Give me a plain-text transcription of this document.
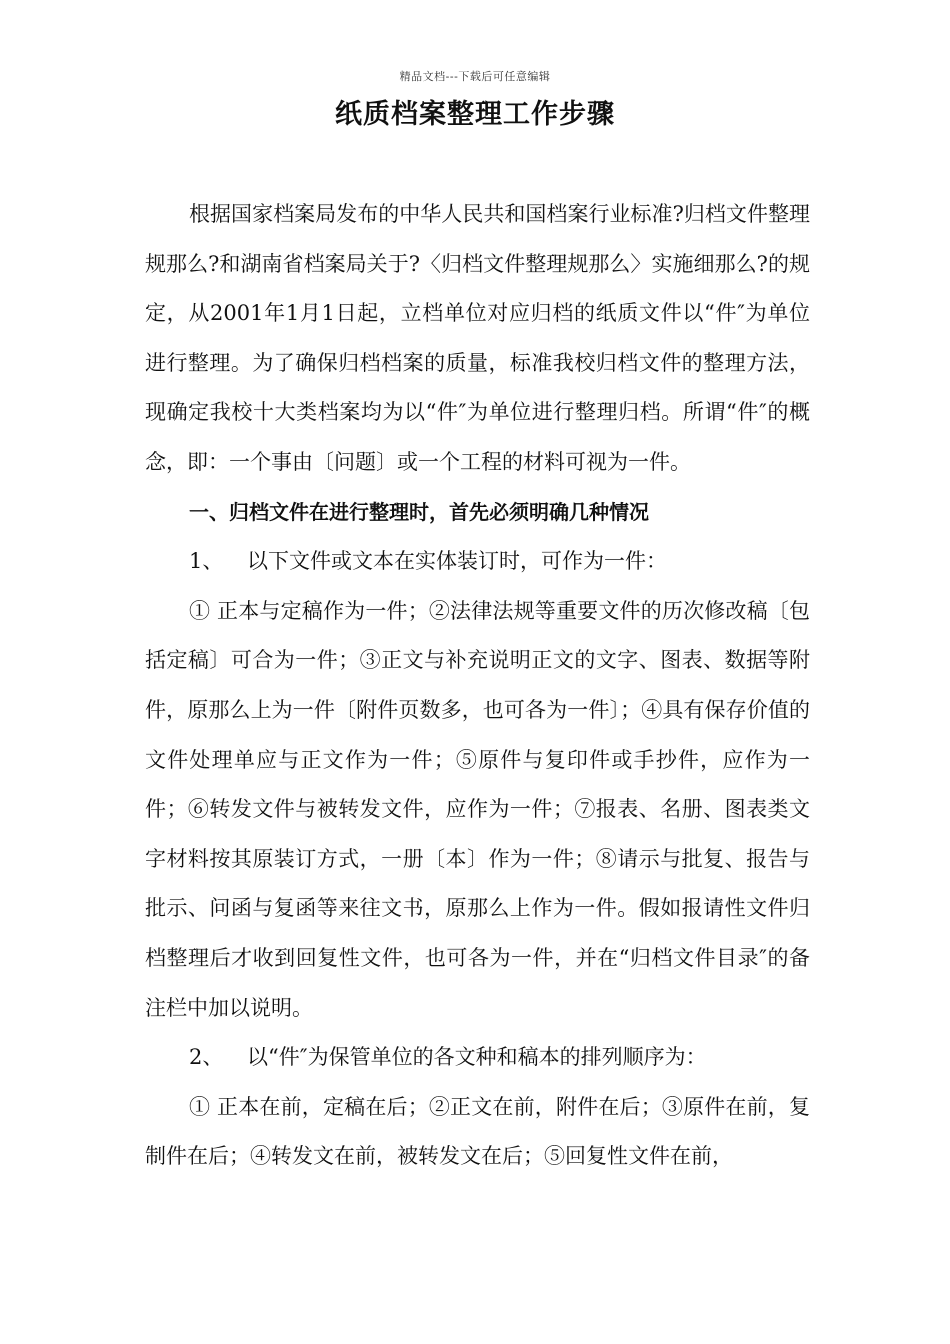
精品文档---下载后可任意编辑
纸质档案整理工作步骤

根据国家档案局发布的中华人民共和国档案行业标准?归档文件整理规那么?和湖南省档案局关于?〈归档文件整理规那么〉实施细那么?的规定，从2001年1月1日起，立档单位对应归档的纸质文件以“件″为单位进行整理。为了确保归档档案的质量，标准我校归档文件的整理方法，现确定我校十大类档案均为以“件″为单位进行整理归档。所谓“件″的概念，即：一个事由〔问题〕或一个工程的材料可视为一件。

一、归档文件在进行整理时，首先必须明确几种情况

1、 以下文件或文本在实体装订时，可作为一件：

① 正本与定稿作为一件；②法律法规等重要文件的历次修改稿〔包括定稿〕可合为一件；③正文与补充说明正文的文字、图表、数据等附件，原那么上为一件〔附件页数多，也可各为一件〕；④具有保存价值的文件处理单应与正文作为一件；⑤原件与复印件或手抄件，应作为一件；⑥转发文件与被转发文件，应作为一件；⑦报表、名册、图表类文字材料按其原装订方式，一册〔本〕作为一件；⑧请示与批复、报告与批示、问函与复函等来往文书，原那么上作为一件。假如报请性文件归档整理后才收到回复性文件，也可各为一件，并在“归档文件目录″的备注栏中加以说明。

2、 以“件″为保管单位的各文种和稿本的排列顺序为：

① 正本在前，定稿在后；②正文在前，附件在后；③原件在前，复制件在后；④转发文在前，被转发文在后；⑤回复性文件在前，
